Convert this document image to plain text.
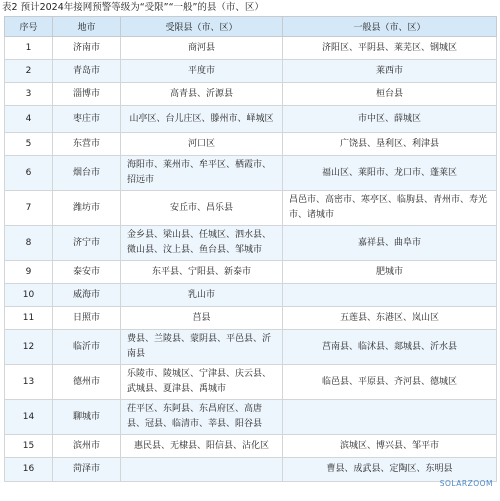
表2 预计2024年接网预警等级为“受限”“一般”的县（市、区）
序号	地市	受限县（市、区）	一般县（市、区）
1	济南市	商河县	济阳区、平阴县、莱芜区、钢城区
2	青岛市	平度市	莱西市
3	淄博市	高青县、沂源县	桓台县
4	枣庄市	山亭区、台儿庄区、滕州市、峄城区	市中区、薛城区
5	东营市	河口区	广饶县、垦利区、利津县
6	烟台市	海阳市、莱州市、牟平区、栖霞市、招远市	福山区、莱阳市、龙口市、蓬莱区
7	潍坊市	安丘市、昌乐县	昌邑市、高密市、寒亭区、临朐县、青州市、寿光市、诸城市
8	济宁市	金乡县、梁山县、任城区、泗水县、微山县、汶上县、鱼台县、邹城市	嘉祥县、曲阜市
9	泰安市	东平县、宁阳县、新泰市	肥城市
10	威海市	乳山市	
11	日照市	莒县	五莲县、东港区、岚山区
12	临沂市	费县、兰陵县、蒙阴县、平邑县、沂南县	莒南县、临沭县、郯城县、沂水县
13	德州市	乐陵市、陵城区、宁津县、庆云县、武城县、夏津县、禹城市	临邑县、平原县、齐河县、德城区
14	聊城市	茌平区、东阿县、东昌府区、高唐县、冠县、临清市、莘县、阳谷县	
15	滨州市	惠民县、无棣县、阳信县、沾化区	滨城区、博兴县、邹平市
16	菏泽市		曹县、成武县、定陶区、东明县
SOLARZOOM
